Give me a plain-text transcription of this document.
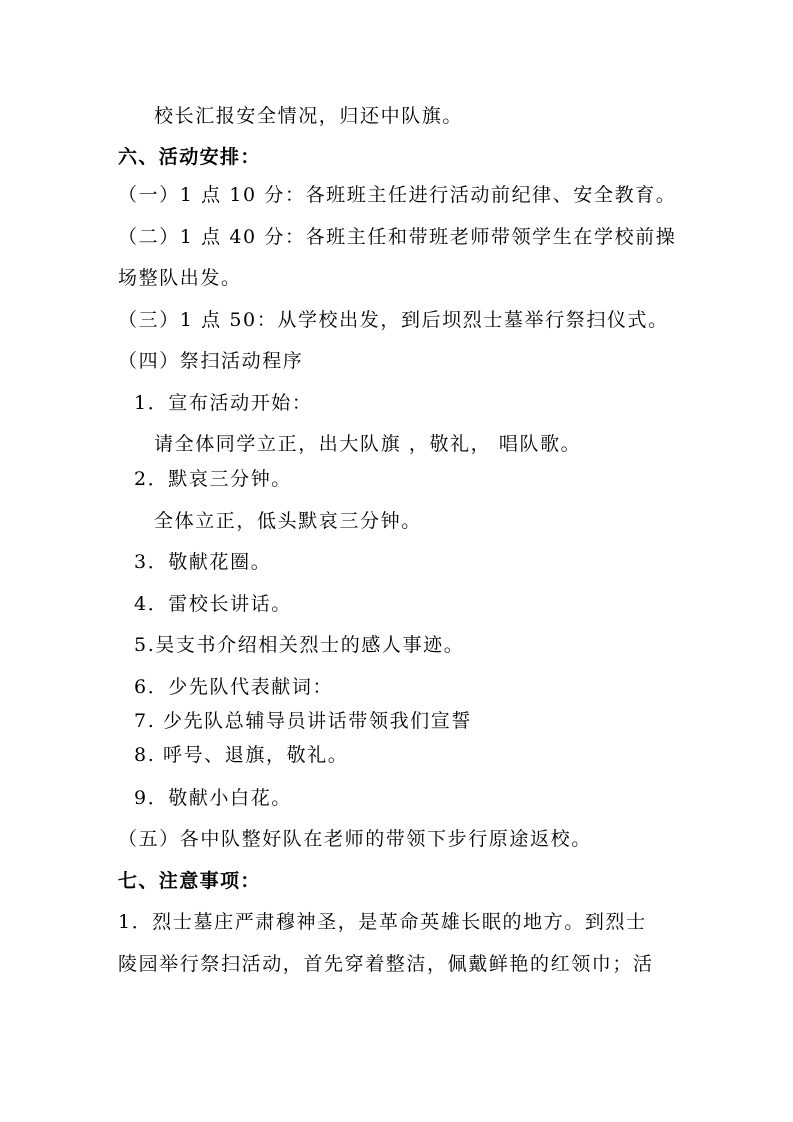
校长汇报安全情况，归还中队旗。
六、活动安排：
（一）1 点 10 分：各班班主任进行活动前纪律、安全教育。
（二）1 点 40 分：各班主任和带班老师带领学生在学校前操
场整队出发。
（三）1 点 50：从学校出发，到后坝烈士墓举行祭扫仪式。
（四）祭扫活动程序
1．宣布活动开始：
请全体同学立正，出大队旗 ，敬礼， 唱队歌。
2．默哀三分钟。
全体立正，低头默哀三分钟。
3．敬献花圈。
4．雷校长讲话。
5.吴支书介绍相关烈士的感人事迹。
6．少先队代表献词：
7. 少先队总辅导员讲话带领我们宣誓
8. 呼号、退旗，敬礼。
9．敬献小白花。
（五）各中队整好队在老师的带领下步行原途返校。
七、注意事项：
1．烈士墓庄严肃穆神圣，是革命英雄长眠的地方。到烈士
陵园举行祭扫活动，首先穿着整洁，佩戴鲜艳的红领巾；活
